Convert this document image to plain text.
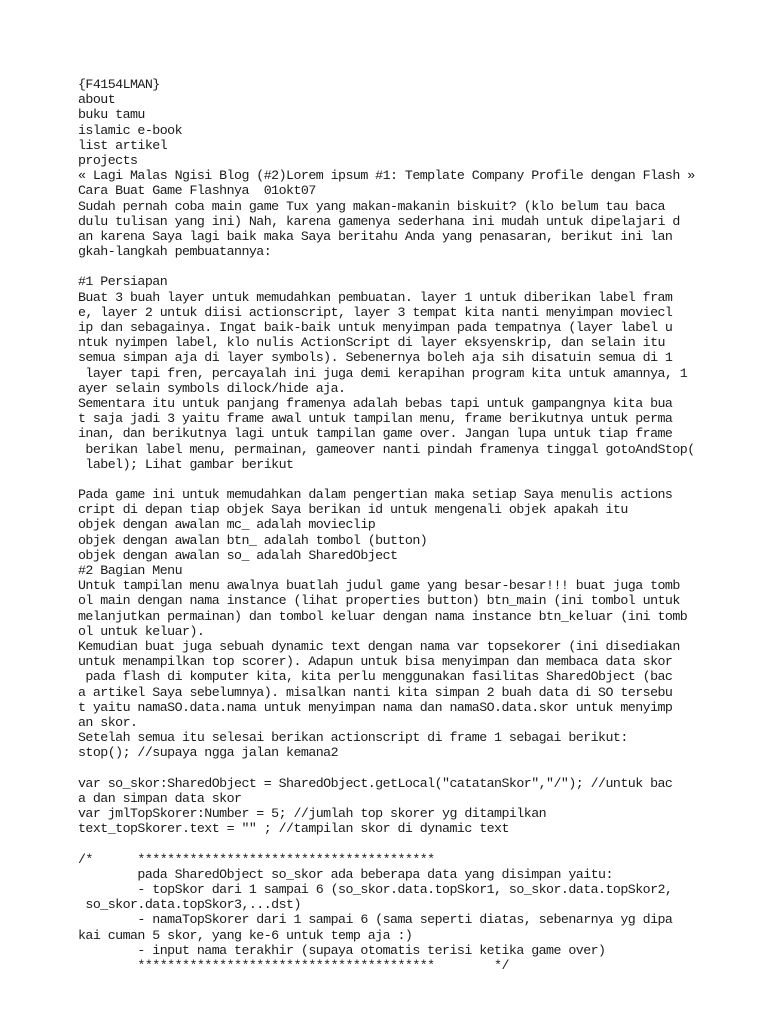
{F4154LMAN}
about
buku tamu
islamic e-book
list artikel
projects
« Lagi Malas Ngisi Blog (#2)Lorem ipsum #1: Template Company Profile dengan Flash »
Cara Buat Game Flashnya  01okt07
Sudah pernah coba main game Tux yang makan-makanin biskuit? (klo belum tau baca
dulu tulisan yang ini) Nah, karena gamenya sederhana ini mudah untuk dipelajari d
an karena Saya lagi baik maka Saya beritahu Anda yang penasaran, berikut ini lan
gkah-langkah pembuatannya:
#1 Persiapan
Buat 3 buah layer untuk memudahkan pembuatan. layer 1 untuk diberikan label fram
e, layer 2 untuk diisi actionscript, layer 3 tempat kita nanti menyimpan moviecl
ip dan sebagainya. Ingat baik-baik untuk menyimpan pada tempatnya (layer label u
ntuk nyimpen label, klo nulis ActionScript di layer eksyenskrip, dan selain itu
semua simpan aja di layer symbols). Sebenernya boleh aja sih disatuin semua di 1
layer tapi fren, percayalah ini juga demi kerapihan program kita untuk amannya, 1
ayer selain symbols dilock/hide aja.
Sementara itu untuk panjang framenya adalah bebas tapi untuk gampangnya kita bua
t saja jadi 3 yaitu frame awal untuk tampilan menu, frame berikutnya untuk perma
inan, dan berikutnya lagi untuk tampilan game over. Jangan lupa untuk tiap frame
berikan label menu, permainan, gameover nanti pindah framenya tinggal gotoAndStop(
label); Lihat gambar berikut
Pada game ini untuk memudahkan dalam pengertian maka setiap Saya menulis actions
cript di depan tiap objek Saya berikan id untuk mengenali objek apakah itu
objek dengan awalan mc_ adalah movieclip
objek dengan awalan btn_ adalah tombol (button)
objek dengan awalan so_ adalah SharedObject
#2 Bagian Menu
Untuk tampilan menu awalnya buatlah judul game yang besar-besar!!! buat juga tomb
ol main dengan nama instance (lihat properties button) btn_main (ini tombol untuk
melanjutkan permainan) dan tombol keluar dengan nama instance btn_keluar (ini tomb
ol untuk keluar).
Kemudian buat juga sebuah dynamic text dengan nama var topsekorer (ini disediakan
untuk menampilkan top scorer). Adapun untuk bisa menyimpan dan membaca data skor
pada flash di komputer kita, kita perlu menggunakan fasilitas SharedObject (bac
a artikel Saya sebelumnya). misalkan nanti kita simpan 2 buah data di SO tersebu
t yaitu namaSO.data.nama untuk menyimpan nama dan namaSO.data.skor untuk menyimp
an skor.
Setelah semua itu selesai berikan actionscript di frame 1 sebagai berikut:
stop(); //supaya ngga jalan kemana2
var so_skor:SharedObject = SharedObject.getLocal("catatanSkor","/"); //untuk bac
a dan simpan data skor
var jmlTopSkorer:Number = 5; //jumlah top skorer yg ditampilkan
text_topSkorer.text = "" ; //tampilan skor di dynamic text
/*      ****************************************
pada SharedObject so_skor ada beberapa data yang disimpan yaitu:
- topSkor dari 1 sampai 6 (so_skor.data.topSkor1, so_skor.data.topSkor2,
so_skor.data.topSkor3,...dst)
- namaTopSkorer dari 1 sampai 6 (sama seperti diatas, sebenarnya yg dipa
kai cuman 5 skor, yang ke-6 untuk temp aja :)
- input nama terakhir (supaya otomatis terisi ketika game over)
****************************************        */
